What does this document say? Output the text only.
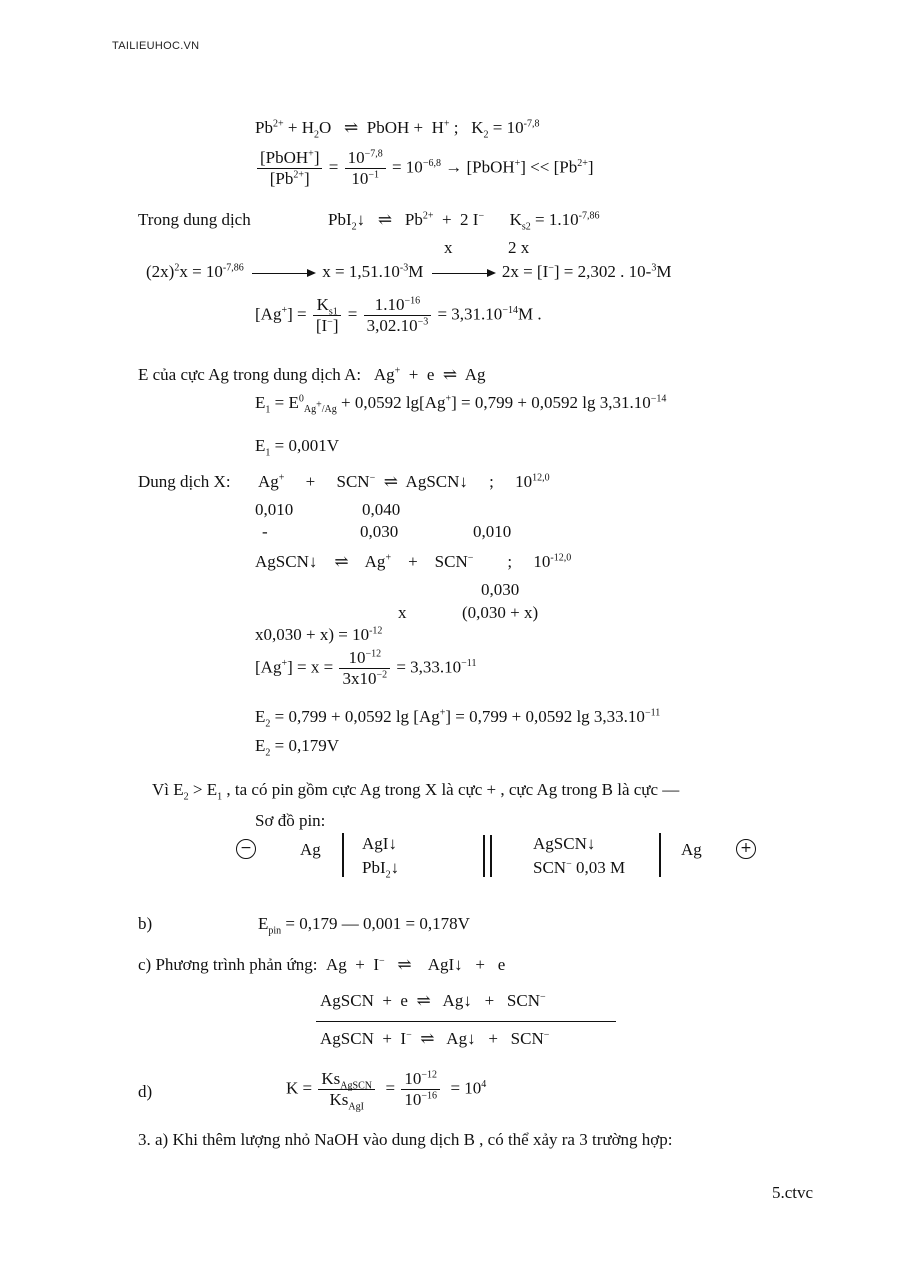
TAILIEUHOC.VN
$Pb^{2+} + H_2O$   ⇌  PbOH +  H+ ;   $K_2 = 10^{-7,8}$
$\frac{[PbOH^+]}{[Pb^{2+}]} = \frac{10^{-7,8}}{10^{-1}} = 10^{-6,8}$ → [PbOH+] << $[Pb^{2+}]$
Trong dung dịch	PbI$_2$↓   ⇌   $Pb^{2+} + 2$ I−      $K_{s2} = 1.10^{-7,86}$
x	2 x
$(2x)^2x = 10^{-7,86}$	$x = 1,51.10^{-3}M$	2x = [I−] = 2,302 . 10-$^3$M
$[Ag^+] = \frac{K_{s1}}{[I^-]} = \frac{1.10^{-16}}{3,02.10^{-3}} = 3,31.10^{-14}M$ .
E của cực Ag trong dung dịch A:   Ag+  +  e  ⇌  Ag
$E_1 = E^0_{Ag^+/Ag} + 0,0592$ lg[Ag+] = 0,799 + 0,0592 $\lg 3,31.10^{-14}$
$E_1 = 0,001V$
Dung dịch X: Ag+     +     SCN−  ⇌  AgSCN↓     ;     10$^{12,0}$
0,010	0,040
-	0,030	0,010
AgSCN↓    ⇌    Ag+    +    SCN−        ;     $10^{-12,0}$
0,030
x	(0,030 + x)
$x0,030 + x) = 10^{-12}$
$[Ag^+] = x = \frac{10^{-12}}{3x10^{-2}} = 3,33.10^{-11}$
$E_2 = 0,799 + 0,0592$ lg [Ag+] = 0,799 + 0,0592 $\lg 3,33.10^{-11}$
$E_2 = 0,179V$
Vì $E_2 > E_1$ , ta có pin gồm cực Ag trong X là cực + , cực Ag trong B là cực —
Sơ đồ pin:
−	Ag AgI↓
PbI$_2$↓
AgSCN↓
SCN− 0,03 M
Ag	+
b)	$E_{pin} = 0,179$ — 0,001 = 0,178V
c) Phương trình phản ứng:  Ag  +  I−   ⇌    AgI↓   +   e
AgSCN  +  e  ⇌   Ag↓   +   SCN−
AgSCN  +  I−  ⇌   Ag↓   +   SCN−
d)	$K = \frac{Ks_{AgSCN}}{Ks_{AgI}} = \frac{10^{-12}}{10^{-16}} = 10^4$
3. a) Khi thêm lượng nhỏ NaOH vào dung dịch B , có thể xảy ra 3 trường hợp:
5.ctvc
